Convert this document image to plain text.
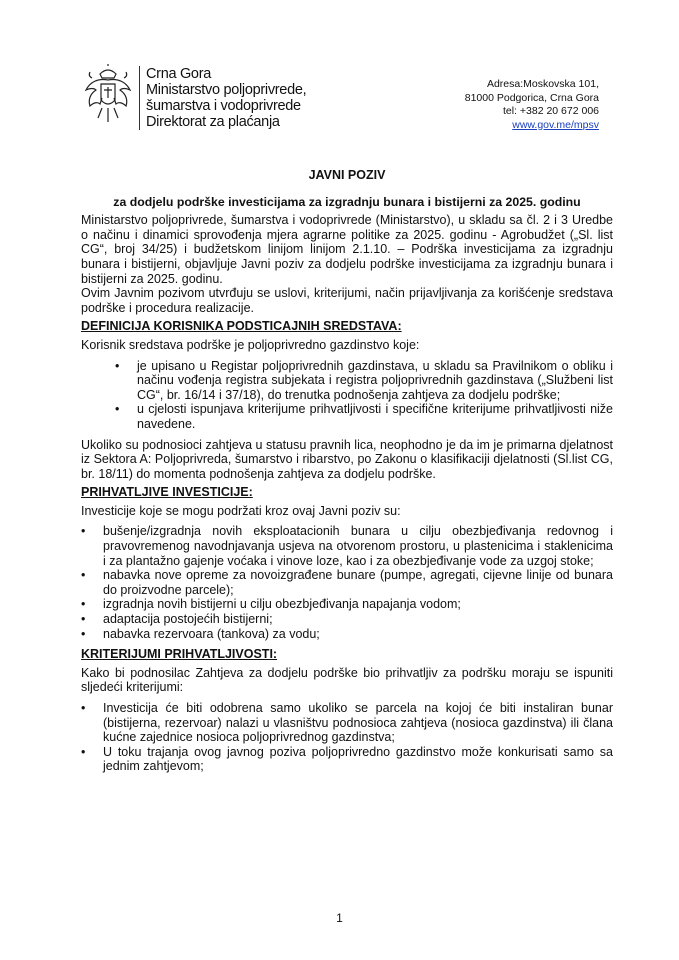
Crna Gora
Ministarstvo poljoprivrede,
šumarstva i vodoprivrede
Direktorat za plaćanja
Adresa:Moskovska 101,
81000 Podgorica, Crna Gora
tel: +382 20 672 006
www.gov.me/mpsv
JAVNI POZIV
za dodjelu podrške investicijama za izgradnju bunara i bistijerni za 2025. godinu

Ministarstvo poljoprivrede, šumarstva i vodoprivrede (Ministarstvo), u skladu sa čl. 2 i 3 Uredbe o načinu i dinamici sprovođenja mjera agrarne politike za 2025. godinu - Agrobudžet („Sl. list CG“, broj 34/25) i budžetskom linijom linijom 2.1.10. – Podrška investicijama za izgradnju bunara i bistijerni, objavljuje Javni poziv za dodjelu podrške investicijama za izgradnju bunara i bistijerni za 2025. godinu.

Ovim Javnim pozivom utvrđuju se uslovi, kriterijumi, način prijavljivanja za korišćenje sredstava podrške i procedura realizacije.

DEFINICIJA KORISNIKA PODSTICAJNIH SREDSTAVA:

Korisnik sredstava podrške je poljoprivredno gazdinstvo koje:

• je upisano u Registar poljoprivrednih gazdinstava, u skladu sa Pravilnikom o obliku i načinu vođenja registra subjekata i registra poljoprivrednih gazdinstava („Službeni list CG“, br. 16/14 i 37/18), do trenutka podnošenja zahtjeva za dodjelu podrške;
• u cjelosti ispunjava kriterijume prihvatljivosti i specifične kriterijume prihvatljivosti niže navedene.

Ukoliko su podnosioci zahtjeva u statusu pravnih lica, neophodno je da im je primarna djelatnost iz Sektora A: Poljoprivreda, šumarstvo i ribarstvo, po Zakonu o klasifikaciji djelatnosti (Sl.list CG, br. 18/11) do momenta podnošenja zahtjeva za dodjelu podrške.

PRIHVATLJIVE INVESTICIJE:

Investicije koje se mogu podržati kroz ovaj Javni poziv su:

• bušenje/izgradnja novih eksploatacionih bunara u cilju obezbjeđivanja redovnog i pravovremenog navodnjavanja usjeva na otvorenom prostoru, u plastenicima i staklenicima i za plantažno gajenje voćaka i vinove loze, kao i za obezbjeđivanje vode za uzgoj stoke;
• nabavka nove opreme za novoizgrađene bunare (pumpe, agregati, cijevne linije od bunara do proizvodne parcele);
• izgradnja novih bistijerni u cilju obezbjeđivanja napajanja vodom;
• adaptacija postojećih bistijerni;
• nabavka rezervoara (tankova) za vodu;
KRITERIJUMI PRIHVATLJIVOSTI:

Kako bi podnosilac Zahtjeva za dodjelu podrške bio prihvatljiv za podršku moraju se ispuniti sljedeći kriterijumi:

• Investicija će biti odobrena samo ukoliko se parcela na kojoj će biti instaliran bunar (bistijerna, rezervoar) nalazi u vlasništvu podnosioca zahtjeva (nosioca gazdinstva) ili člana kućne zajednice nosioca poljoprivrednog gazdinstva;
• U toku trajanja ovog javnog poziva poljoprivredno gazdinstvo može konkurisati samo sa jednim zahtjevom;
1
